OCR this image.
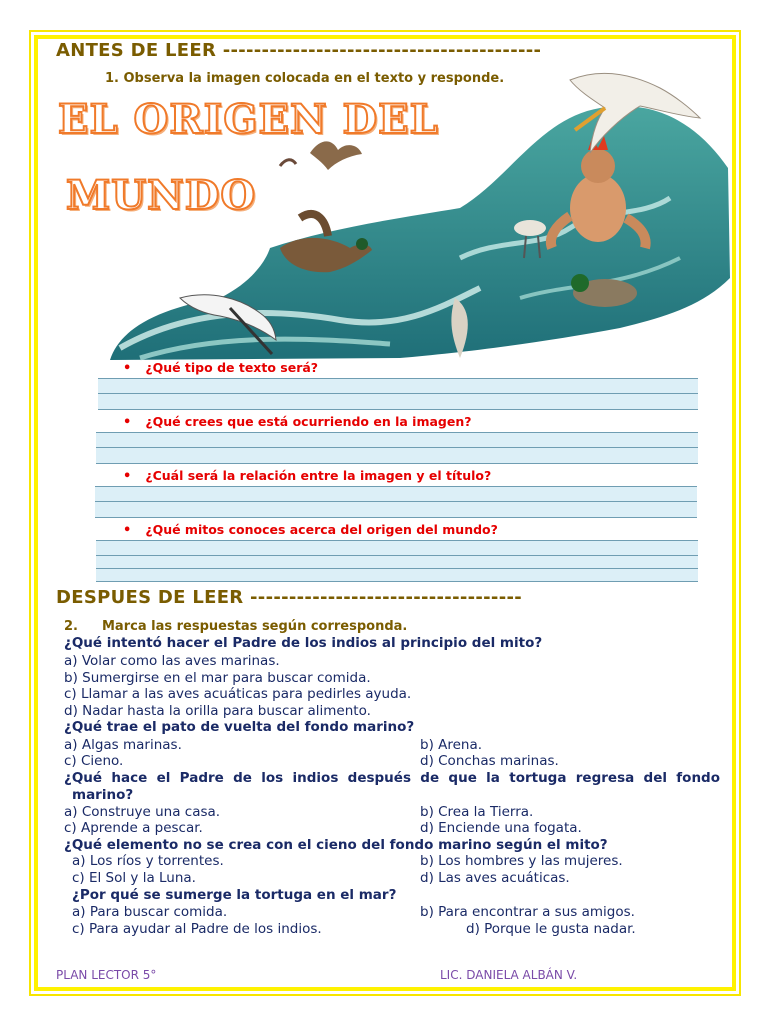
ANTES DE LEER -----------------------------------------
1. Observa la imagen colocada en el texto y responde.
EL ORIGEN DEL
MUNDO
• ¿Qué tipo de texto será?
• ¿Qué crees que está ocurriendo en la imagen?
• ¿Cuál será la relación entre la imagen y el título?
• ¿Qué mitos conoces acerca del origen del mundo?
DESPUES DE LEER -----------------------------------
2. Marca las respuestas según corresponda.
¿Qué intentó hacer el Padre de los indios al principio del mito?
a) Volar como las aves marinas.
b) Sumergirse en el mar para buscar comida.
c) Llamar a las aves acuáticas para pedirles ayuda.
d) Nadar hasta la orilla para buscar alimento.
¿Qué trae el pato de vuelta del fondo marino?
a) Algas marinas.	b) Arena.
c) Cieno.	d) Conchas marinas.
¿Qué hace el Padre de los indios después de que la tortuga regresa del fondo
marino?
a) Construye una casa.	b) Crea la Tierra.
c) Aprende a pescar.	d) Enciende una fogata.
¿Qué elemento no se crea con el cieno del fondo marino según el mito?
a) Los ríos y torrentes.	b) Los hombres y las mujeres.
c) El Sol y la Luna.	d) Las aves acuáticas.
¿Por qué se sumerge la tortuga en el mar?
a) Para buscar comida.	b) Para encontrar a sus amigos.
c) Para ayudar al Padre de los indios.	d) Porque le gusta nadar.
PLAN LECTOR 5°	LIC. DANIELA ALBÁN V.
